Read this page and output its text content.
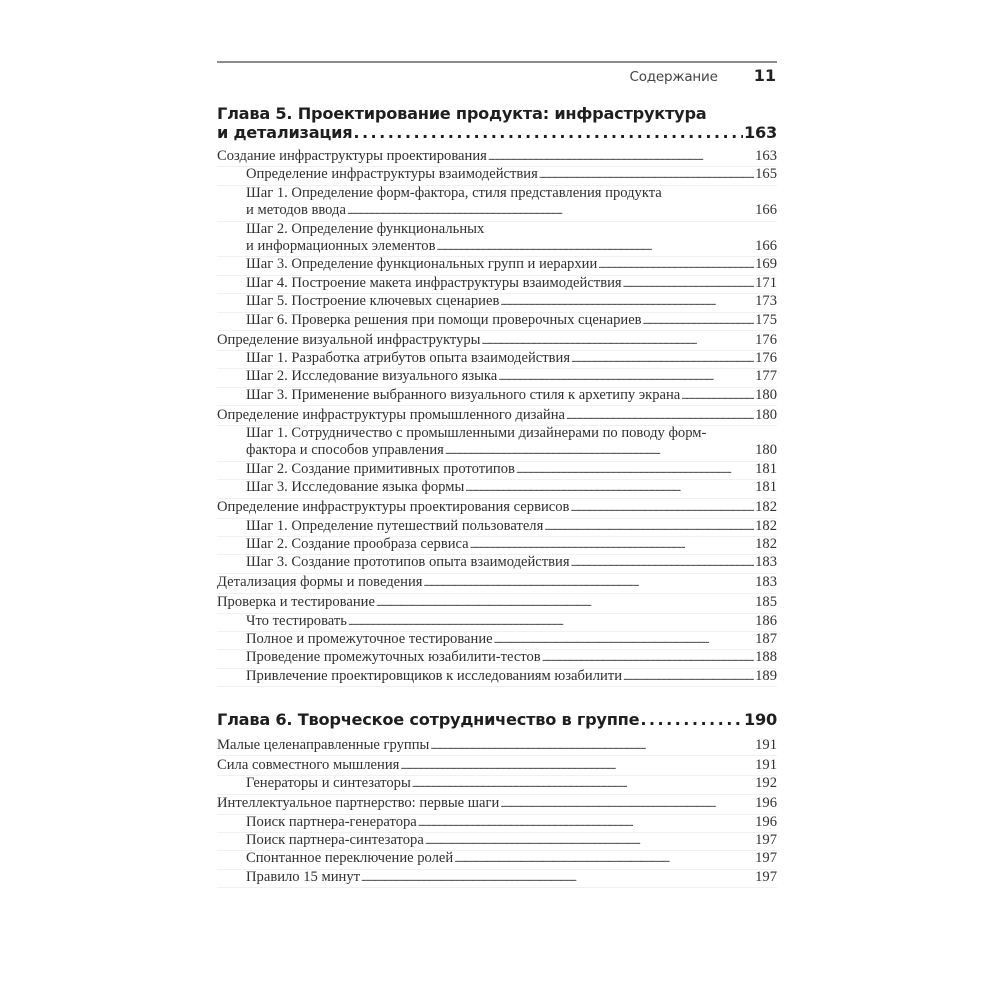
Содержание 11
Глава 5. Проектирование продукта: инфраструктура
и детализация . . .	163
Создание инфраструктуры проектирования . . .	163
Определение инфраструктуры взаимодействия . . .	165
Шаг 1. Определение форм-фактора, стиля представления продукта
и методов ввода . . .	166
Шаг 2. Определение функциональных
и информационных элементов . . .	166
Шаг 3. Определение функциональных групп и иерархии . . .	169
Шаг 4. Построение макета инфраструктуры взаимодействия . . .	171
Шаг 5. Построение ключевых сценариев . . .	173
Шаг 6. Проверка решения при помощи проверочных сценариев . . .	175
Определение визуальной инфраструктуры . . .	176
Шаг 1. Разработка атрибутов опыта взаимодействия . . .	176
Шаг 2. Исследование визуального языка . . .	177
Шаг 3. Применение выбранного визуального стиля к архетипу экрана . . .	180
Определение инфраструктуры промышленного дизайна . . .	180
Шаг 1. Сотрудничество с промышленными дизайнерами по поводу форм-
фактора и способов управления . . .	180
Шаг 2. Создание примитивных прототипов . . .	181
Шаг 3. Исследование языка формы . . .	181
Определение инфраструктуры проектирования сервисов . . .	182
Шаг 1. Определение путешествий пользователя . . .	182
Шаг 2. Создание прообраза сервиса . . .	182
Шаг 3. Создание прототипов опыта взаимодействия . . .	183
Детализация формы и поведения . . .	183
Проверка и тестирование . . .	185
Что тестировать . . .	186
Полное и промежуточное тестирование . . .	187
Проведение промежуточных юзабилити-тестов . . .	188
Привлечение проектировщиков к исследованиям юзабилити . . .	189
Глава 6. Творческое сотрудничество в группе . . .	190
Малые целенаправленные группы . . .	191
Сила совместного мышления . . .	191
Генераторы и синтезаторы . . .	192
Интеллектуальное партнерство: первые шаги . . .	196
Поиск партнера-генератора . . .	196
Поиск партнера-синтезатора . . .	197
Спонтанное переключение ролей . . .	197
Правило 15 минут . . .	197
